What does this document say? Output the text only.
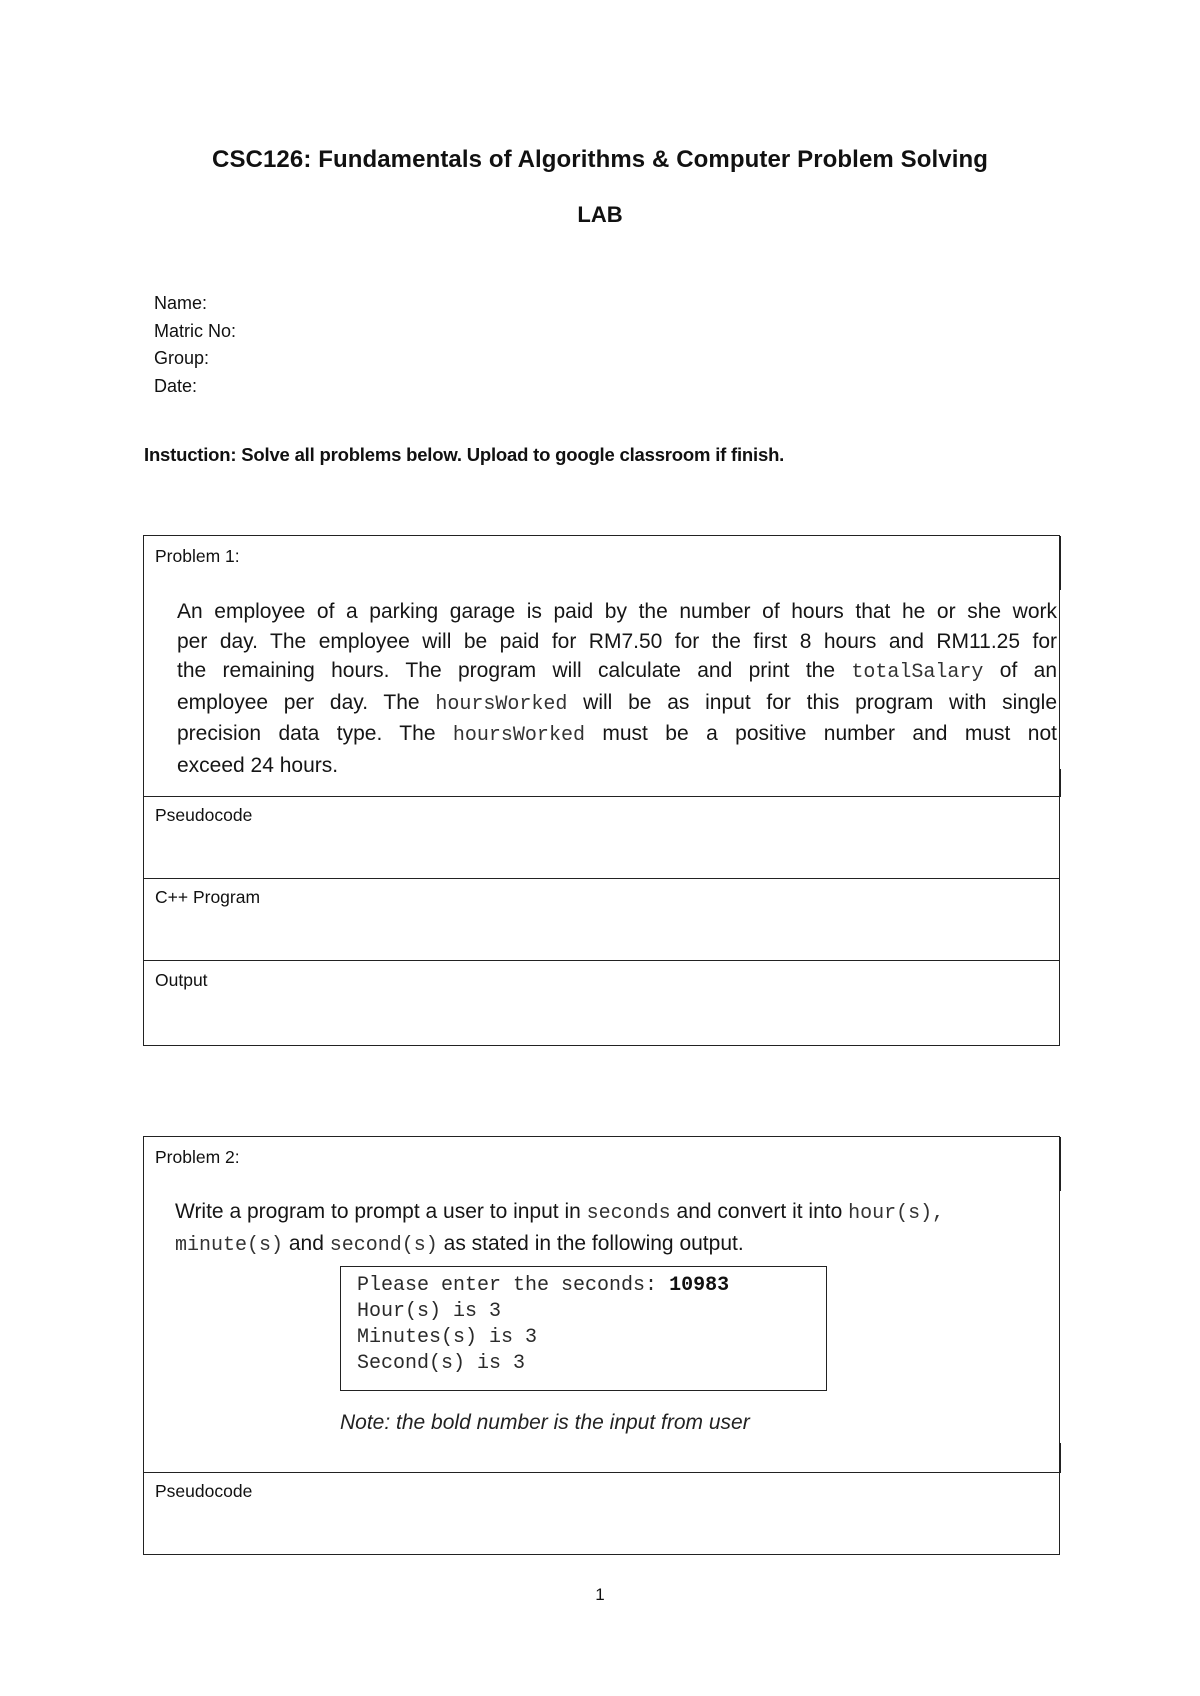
CSC126: Fundamentals of Algorithms & Computer Problem Solving
LAB
Name:
Matric No:
Group:
Date:
Instuction: Solve all problems below. Upload to google classroom if finish.
Problem 1:
An employee of a parking garage is paid by the number of hours that he or she work
per day. The employee will be paid for RM7.50 for the first 8 hours and RM11.25 for
the remaining hours. The program will calculate and print the totalSalary of an
employee per day. The hoursWorked will be as input for this program with single
precision data type. The hoursWorked must be a positive number and must not
exceed 24 hours.
Pseudocode
C++ Program
Output
Problem 2:
Write a program to prompt a user to input in seconds and convert it into hour(s),
minute(s) and second(s) as stated in the following output.
Pseudocode
Please enter the seconds: 10983
Hour(s) is 3
Minutes(s) is 3
Second(s) is 3
Note: the bold number is the input from user
1
